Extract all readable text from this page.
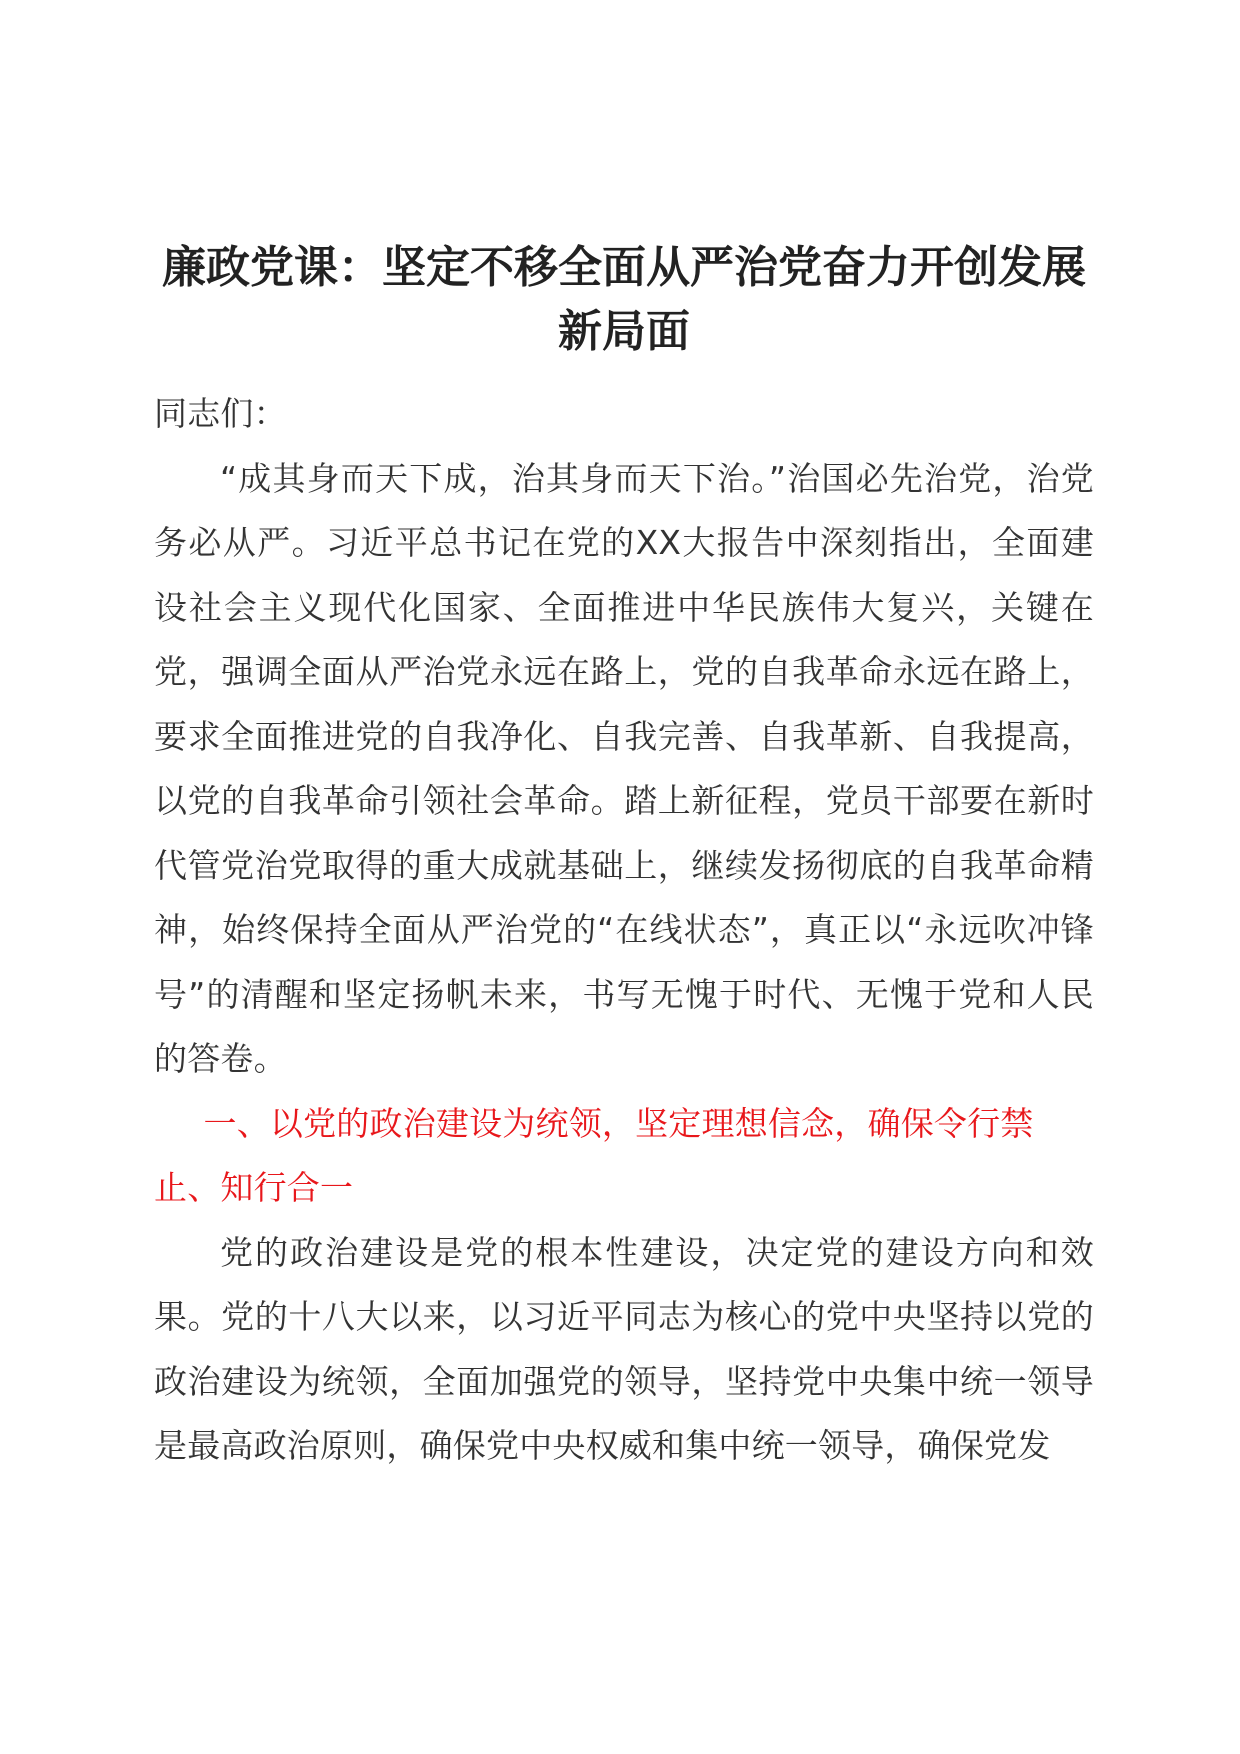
廉政党课：坚定不移全面从严治党奋力开创发展新局面

同志们：

“成其身而天下成，治其身而天下治。”治国必先治党，治党务必从严。习近平总书记在党的XX大报告中深刻指出，全面建设社会主义现代化国家、全面推进中华民族伟大复兴，关键在党，强调全面从严治党永远在路上，党的自我革命永远在路上，要求全面推进党的自我净化、自我完善、自我革新、自我提高，以党的自我革命引领社会革命。踏上新征程，党员干部要在新时代管党治党取得的重大成就基础上，继续发扬彻底的自我革命精神，始终保持全面从严治党的“在线状态”，真正以“永远吹冲锋号”的清醒和坚定扬帆未来，书写无愧于时代、无愧于党和人民的答卷。

一、以党的政治建设为统领，坚定理想信念，确保令行禁止、知行合一

党的政治建设是党的根本性建设，决定党的建设方向和效果。党的十八大以来，以习近平同志为核心的党中央坚持以党的政治建设为统领，全面加强党的领导，坚持党中央集中统一领导是最高政治原则，确保党中央权威和集中统一领导，确保党发
